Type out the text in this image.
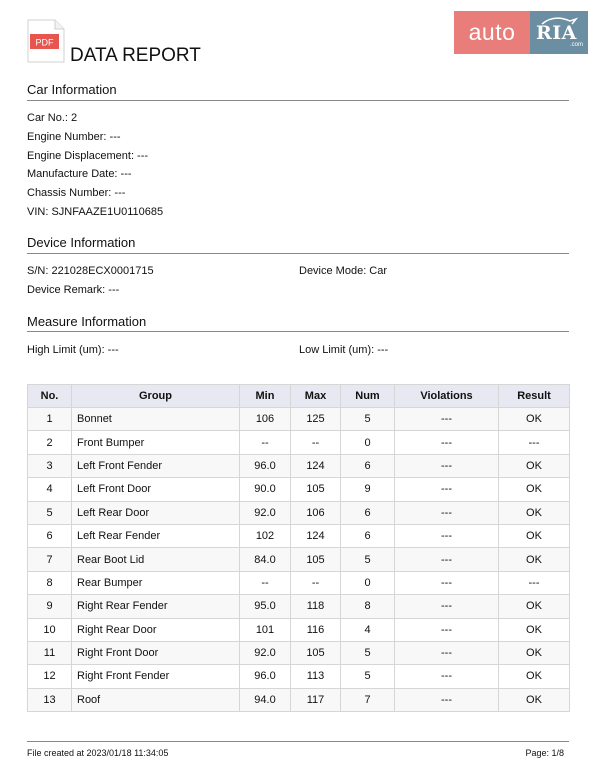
PDF
DATA REPORT
auto	RIA
.com
Car Information
Car No.: 2
Engine Number: ---
Engine Displacement: ---
Manufacture Date: ---
Chassis Number: ---
VIN: SJNFAAZE1U0110685
Device Information
S/N: 221028ECX0001715	Device Mode: Car
Device Remark: ---
Measure Information
High Limit (um): ---	Low Limit (um): ---
No.	Group	Min	Max	Num	Violations	Result
1	Bonnet	106	125	5	---	OK
2	Front Bumper	--	--	0	---	---
3	Left Front Fender	96.0	124	6	---	OK
4	Left Front Door	90.0	105	9	---	OK
5	Left Rear Door	92.0	106	6	---	OK
6	Left Rear Fender	102	124	6	---	OK
7	Rear Boot Lid	84.0	105	5	---	OK
8	Rear Bumper	--	--	0	---	---
9	Right Rear Fender	95.0	118	8	---	OK
10	Right Rear Door	101	116	4	---	OK
11	Right Front Door	92.0	105	5	---	OK
12	Right Front Fender	96.0	113	5	---	OK
13	Roof	94.0	117	7	---	OK
File created at 2023/01/18 11:34:05	Page: 1/8
